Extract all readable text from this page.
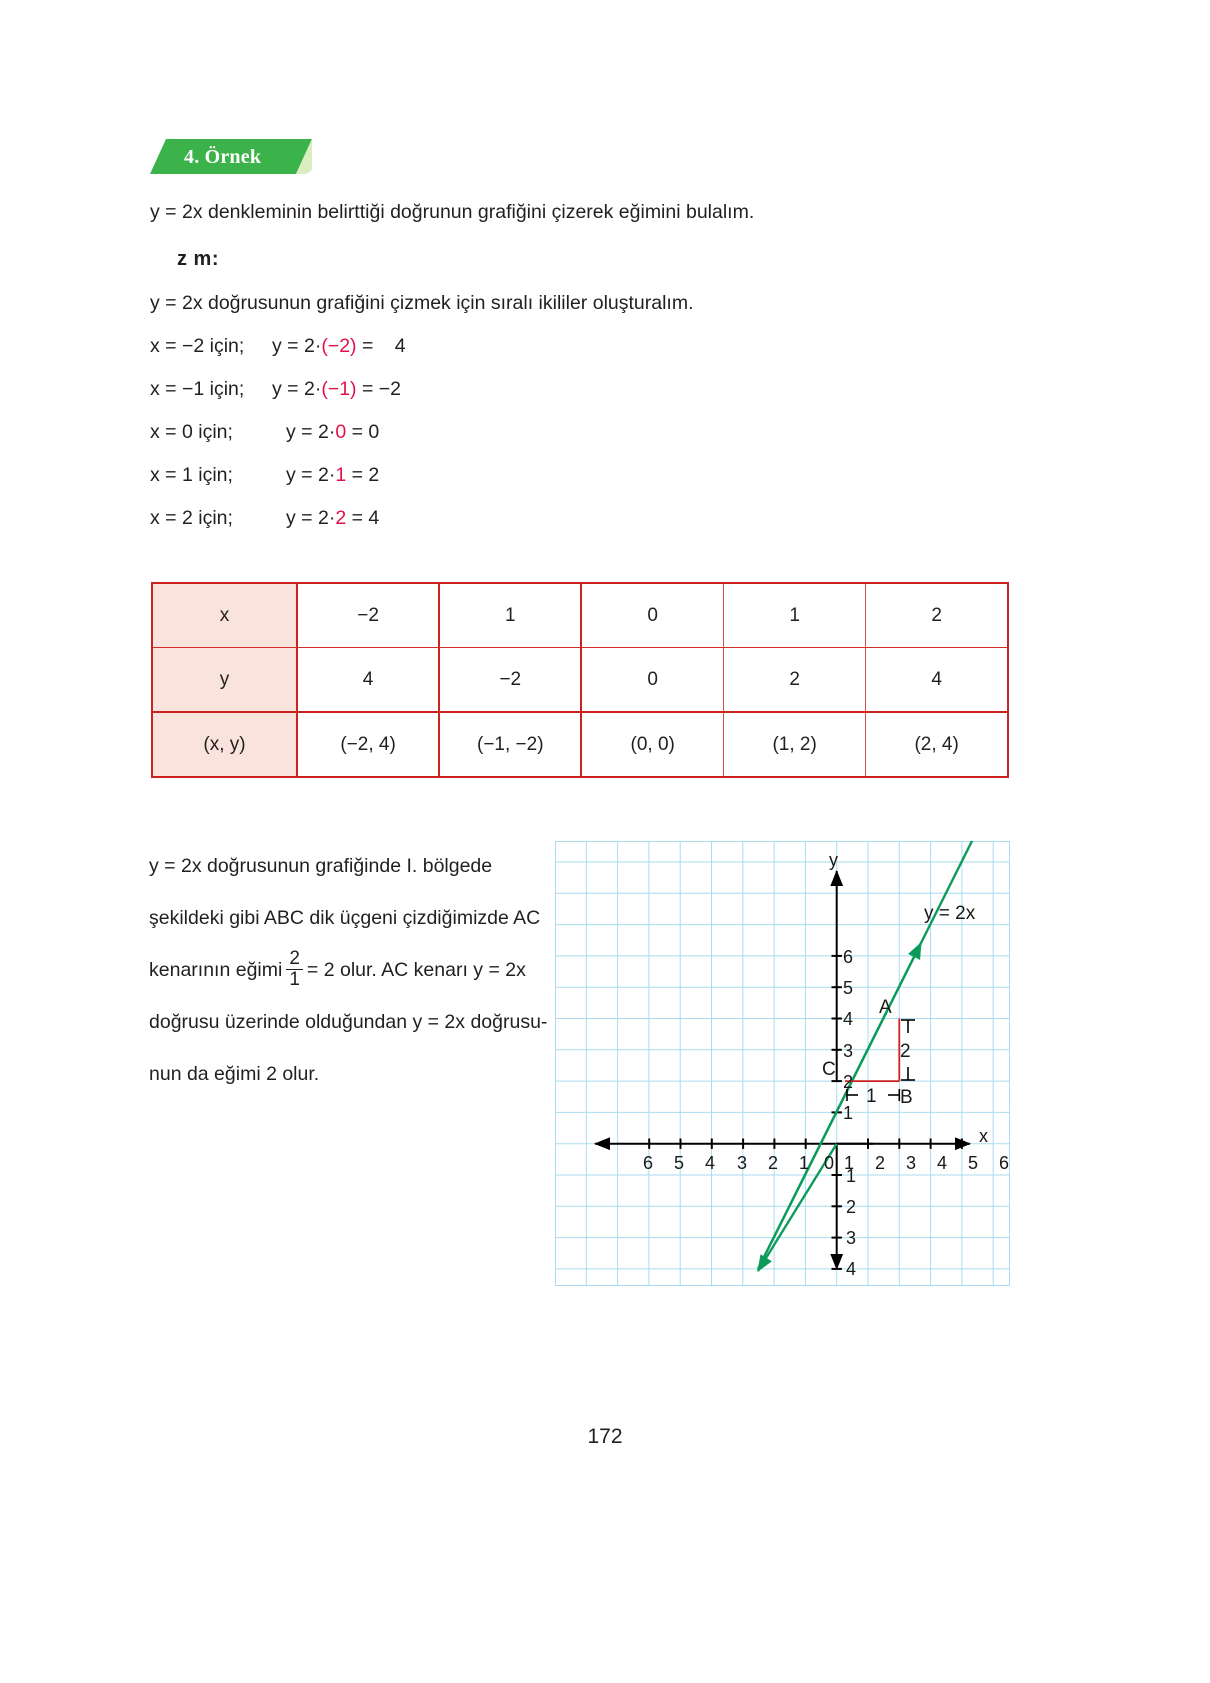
4. Örnek
y = 2x denkleminin belirttiği doğrunun grafiğini çizerek eğimini bulalım.
z m:
y = 2x doğrusunun grafiğini çizmek için sıralı ikililer oluşturalım.
x = −2 için; y = 2·(−2) = 4
x = −1 için; y = 2·(−1) = −2
x = 0 için;	y = 2·0 = 0
x = 1 için;	y = 2·1 = 2
x = 2 için;	y = 2·2 = 4
x	−2	1	0	1	2
y	4	−2	0	2	4
(x, y)	(−2, 4)	(−1, −2)	(0, 0)	(1, 2)	(2, 4)
y = 2x doğrusunun grafiğinde I. bölgede
şekildeki gibi ABC dik üçgeni çizdiğimizde AC
kenarının eğimi $\frac{2}{1} = 2$ olur. AC kenarı y = 2x
doğrusu üzerinde olduğundan y = 2x doğrusu-
nun da eğimi 2 olur.
y
x
6 5 4 3 2 1 0 1 2 3 4 5 6
1
2
3
4
5
6
1
2
3
4
A
B
C
1
2
y = 2x
172
